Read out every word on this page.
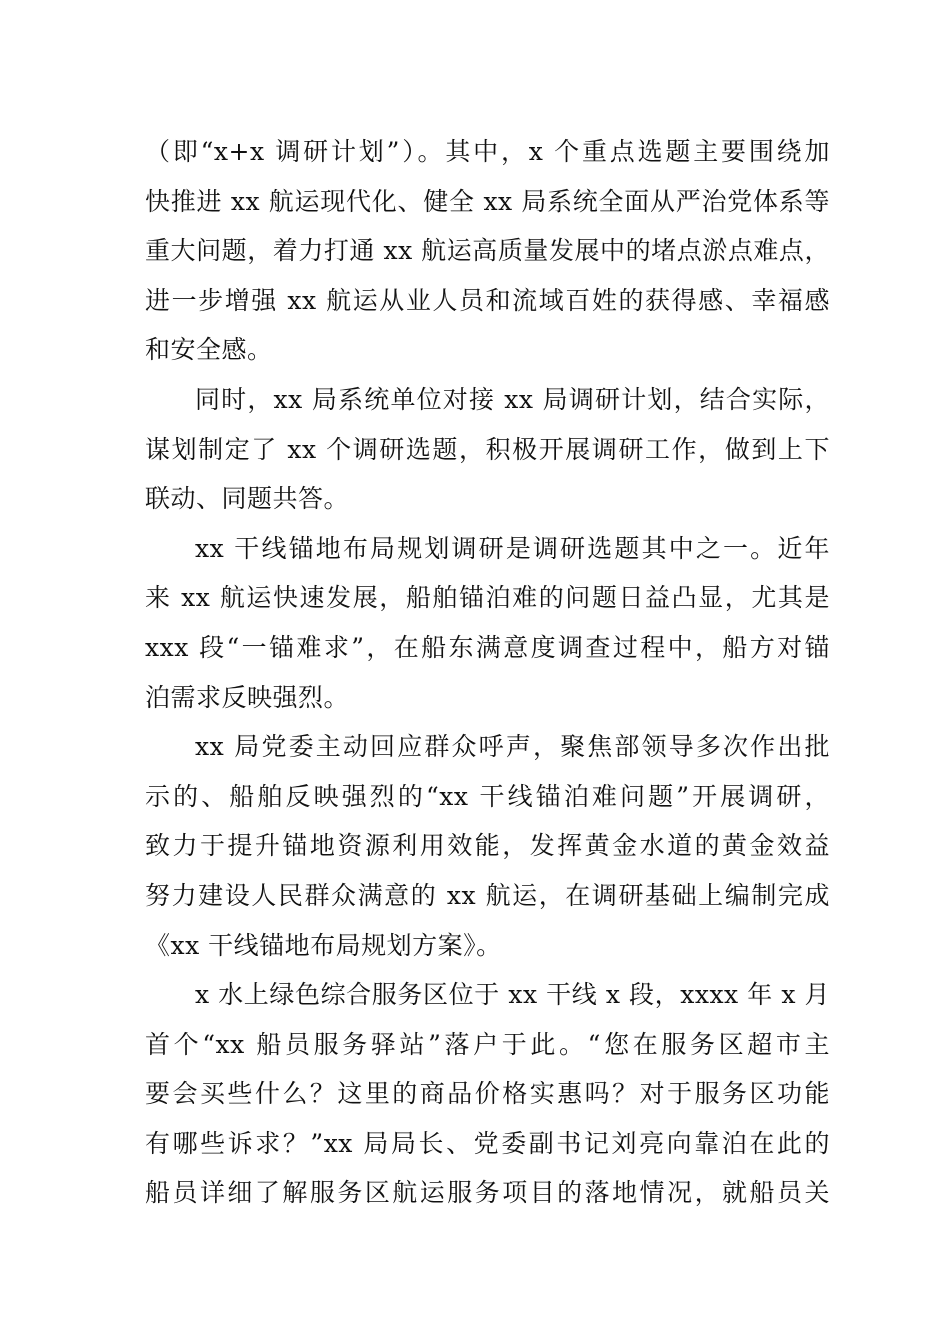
（即“x+x 调研计划”）。其中，x 个重点选题主要围绕加
快推进 xx 航运现代化、健全 xx 局系统全面从严治党体系等
重大问题，着力打通 xx 航运高质量发展中的堵点淤点难点，
进一步增强 xx 航运从业人员和流域百姓的获得感、幸福感
和安全感。
同时，xx 局系统单位对接 xx 局调研计划，结合实际，
谋划制定了 xx 个调研选题，积极开展调研工作，做到上下
联动、同题共答。
xx 干线锚地布局规划调研是调研选题其中之一。近年
来 xx 航运快速发展，船舶锚泊难的问题日益凸显，尤其是
xxx 段“一锚难求”，在船东满意度调查过程中，船方对锚
泊需求反映强烈。
xx 局党委主动回应群众呼声，聚焦部领导多次作出批
示的、船舶反映强烈的“xx 干线锚泊难问题”开展调研，
致力于提升锚地资源利用效能，发挥黄金水道的黄金效益
努力建设人民群众满意的 xx 航运，在调研基础上编制完成
《xx 干线锚地布局规划方案》。
x 水上绿色综合服务区位于 xx 干线 x 段，xxxx 年 x 月
首个“xx 船员服务驿站”落户于此。“您在服务区超市主
要会买些什么？这里的商品价格实惠吗？对于服务区功能
有哪些诉求？”xx 局局长、党委副书记刘亮向靠泊在此的
船员详细了解服务区航运服务项目的落地情况，就船员关
